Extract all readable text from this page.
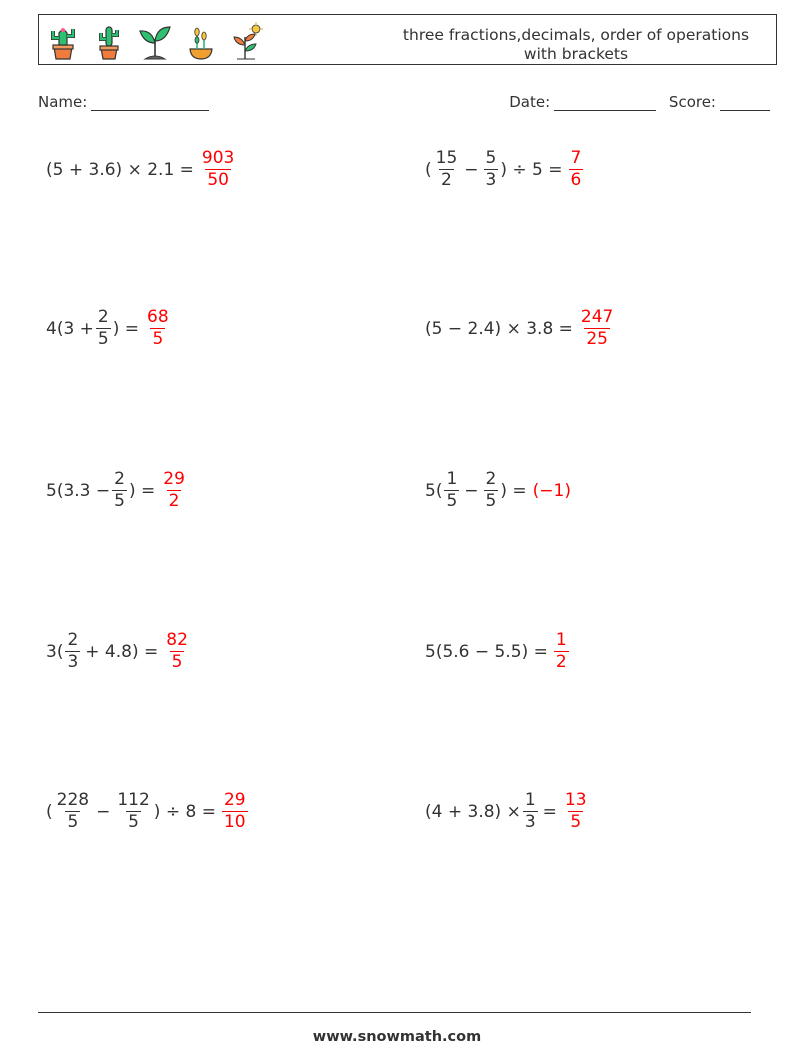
three fractions,decimals, order of operations
with brackets
Name:	Date:	Score:
$(5 + 3.6) \times 2.1 = \frac{903}{50}$	( $\frac{15}{2} - \frac{5}{3}$ ) ÷ $5 = \frac{7}{6}$
$4(3 + \frac{2}{5}$ ) = $\frac{68}{5}$	$(5 - 2.4) \times 3.8 = \frac{247}{25}$
$5(3.3 - \frac{2}{5}$ ) = $\frac{29}{2}$	$5( \frac{1}{5} - \frac{2}{5}$ ) = (−1)
$3( \frac{2}{3} + 4.8) = \frac{82}{5}$	$5(5.6 - 5.5) = \frac{1}{2}$
( $\frac{228}{5} - \frac{112}{5}$ ) ÷ $8 = \frac{29}{10}$	$(4 + 3.8) \times \frac{1}{3} = \frac{13}{5}$
www.snowmath.com
